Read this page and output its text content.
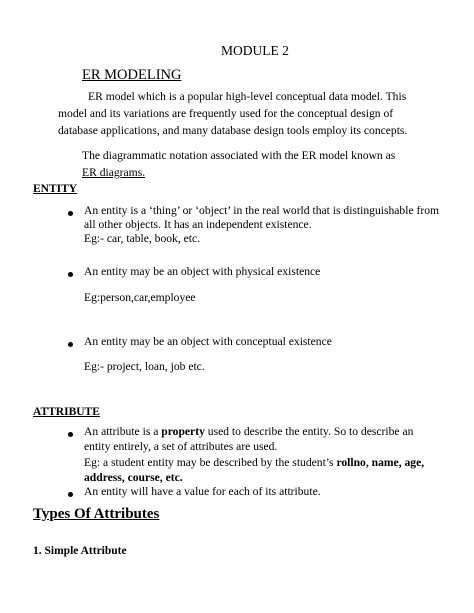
MODULE 2
ER MODELING
ER model which is a popular high-level conceptual data model. This
model and its variations are frequently used for the conceptual design of
database applications, and many database design tools employ its concepts.
The diagrammatic notation associated with the ER model known as
ER diagrams.
ENTITY
An entity is a ‘thing’ or ‘object’ in the real world that is distinguishable from
all other objects. It has an independent existence.
Eg:- car, table, book, etc.
An entity may be an object with physical existence
Eg:person,car,employee
An entity may be an object with conceptual existence
Eg:- project, loan, job etc.
ATTRIBUTE
An attribute is a property used to describe the entity. So to describe an
entity entirely, a set of attributes are used.
Eg: a student entity may be described by the student’s rollno, name, age,
address, course, etc.
An entity will have a value for each of its attribute.
Types Of Attributes
1. Simple Attribute
